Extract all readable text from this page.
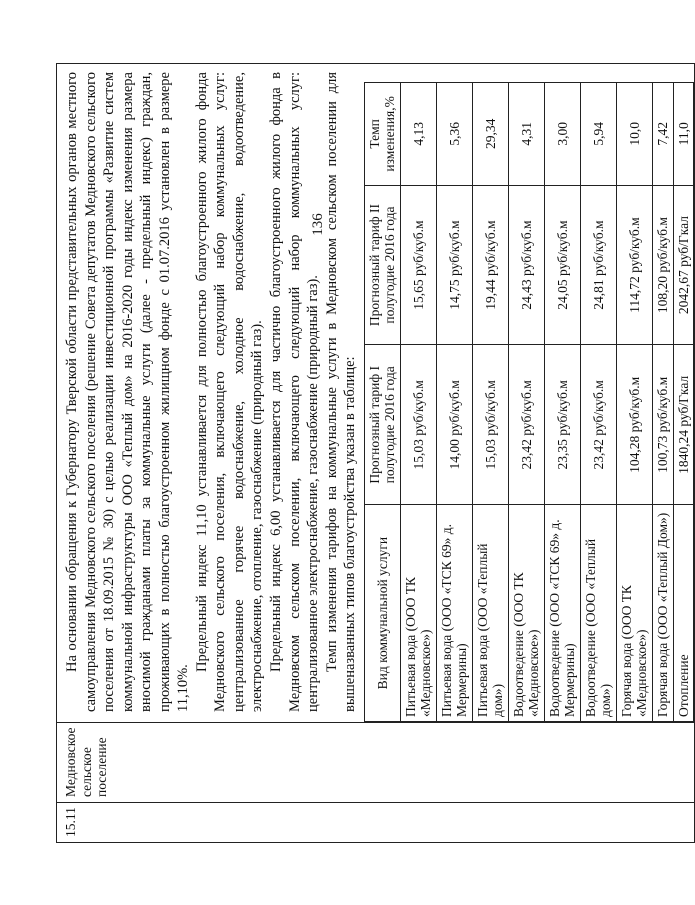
136
15.11

Медновское сельское поселение

На основании обращения к Губернатору Тверской области представительных органов местного самоуправления Медновского сельского поселения (решение Совета депутатов Медновского сельского поселения от 18.09.2015 № 30) с целью реализации инвестиционной программы «Развитие систем коммунальной инфраструктуры ООО «Теплый дом» на 2016-2020 годы индекс изменения размера вносимой гражданами платы за коммунальные услуги (далее - предельный индекс) граждан, проживающих в полностью благоустроенном жилищном фонде с 01.07.2016 установлен в размере 11,10%.

Предельный индекс 11,10 устанавливается для полностью благоустроенного жилого фонда Медновского сельского поселения, включающего следующий набор коммунальных услуг: централизованное горячее водоснабжение, холодное водоснабжение, водоотведение, электроснабжение, отопление, газоснабжение (природный газ). Предельный индекс 6,00 устанавливается для частично благоустроенного жилого фонда в Медновском сельском поселении, включающего следующий набор коммунальных услуг: централизованное электроснабжение, газоснабжение (природный газ). Темп изменения тарифов на коммунальные услуги в Медновском сельском поселении для вышеназванных типов благоустройства указан в таблице: Вид коммунальной услуги	Прогнозный тариф I полугодие 2016 года	Прогнозный тариф II полугодие 2016 года	Темп изменения,%
Питьевая вода (ООО ТК «Медновское»)	15,03 руб/куб.м	15,65 руб/куб.м	4,13
Питьевая вода (ООО «ТСК 69» д. Мермерины)	14,00 руб/куб.м	14,75 руб/куб.м	5,36
Питьевая вода (ООО «Теплый дом»)	15,03 руб/куб.м	19,44 руб/куб.м	29,34
Водоотведение (ООО ТК «Медновское»)	23,42 руб/куб.м	24,43 руб/куб.м	4,31
Водоотведение (ООО «ТСК 69» д. Мермерины)	23,35 руб/куб.м	24,05 руб/куб.м	3,00
Водоотведение (ООО «Теплый дом»)	23,42 руб/куб.м	24,81 руб/куб.м	5,94
Горячая вода (ООО ТК «Медновское»)	104,28 руб/куб.м	114,72 руб/куб.м	10,0
Горячая вода (ООО «Теплый Дом»)	100,73 руб/куб.м	108,20 руб/куб.м	7,42
Отопление	1840,24 руб/Гкал	2042,67 руб/Гкал	11,0
